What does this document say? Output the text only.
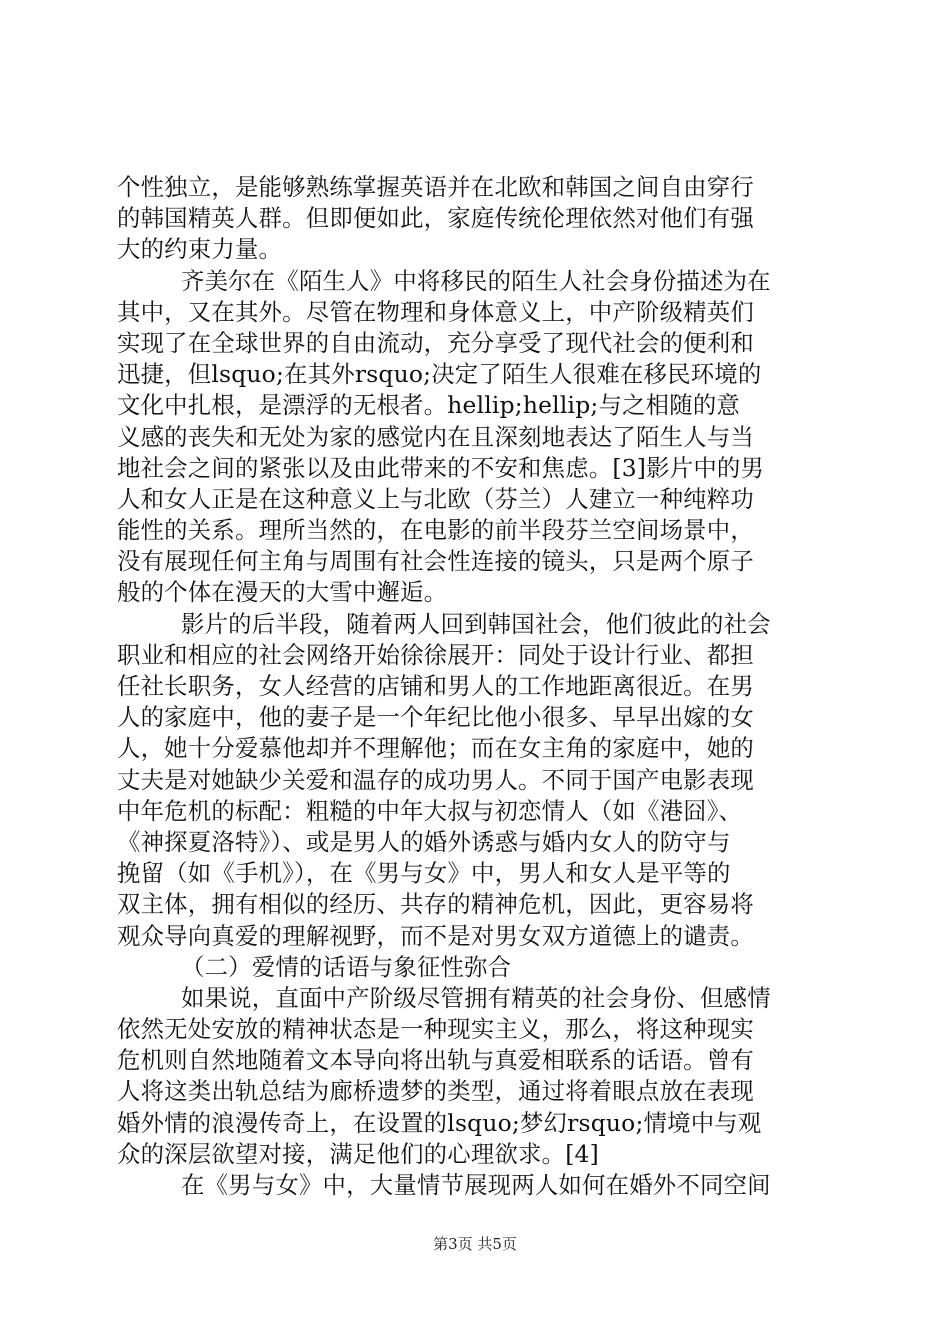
个性独立，是能够熟练掌握英语并在北欧和韩国之间自由穿行
的韩国精英人群。但即便如此，家庭传统伦理依然对他们有强
大的约束力量。
齐美尔在《陌生人》中将移民的陌生人社会身份描述为在
其中，又在其外。尽管在物理和身体意义上，中产阶级精英们
实现了在全球世界的自由流动，充分享受了现代社会的便利和
迅捷，但lsquo;在其外rsquo;决定了陌生人很难在移民环境的
文化中扎根，是漂浮的无根者。hellip;hellip;与之相随的意
义感的丧失和无处为家的感觉内在且深刻地表达了陌生人与当
地社会之间的紧张以及由此带来的不安和焦虑。[3]影片中的男
人和女人正是在这种意义上与北欧（芬兰）人建立一种纯粹功
能性的关系。理所当然的，在电影的前半段芬兰空间场景中，
没有展现任何主角与周围有社会性连接的镜头，只是两个原子
般的个体在漫天的大雪中邂逅。
影片的后半段，随着两人回到韩国社会，他们彼此的社会
职业和相应的社会网络开始徐徐展开：同处于设计行业、都担
任社长职务，女人经营的店铺和男人的工作地距离很近。在男
人的家庭中，他的妻子是一个年纪比他小很多、早早出嫁的女
人，她十分爱慕他却并不理解他；而在女主角的家庭中，她的
丈夫是对她缺少关爱和温存的成功男人。不同于国产电影表现
中年危机的标配：粗糙的中年大叔与初恋情人（如《港囧》、
《神探夏洛特》）、或是男人的婚外诱惑与婚内女人的防守与
挽留（如《手机》），在《男与女》中，男人和女人是平等的
双主体，拥有相似的经历、共存的精神危机，因此，更容易将
观众导向真爱的理解视野，而不是对男女双方道德上的谴责。
（二）爱情的话语与象征性弥合
如果说，直面中产阶级尽管拥有精英的社会身份、但感情
依然无处安放的精神状态是一种现实主义，那么，将这种现实
危机则自然地随着文本导向将出轨与真爱相联系的话语。曾有
人将这类出轨总结为廊桥遗梦的类型，通过将着眼点放在表现
婚外情的浪漫传奇上，在设置的lsquo;梦幻rsquo;情境中与观
众的深层欲望对接，满足他们的心理欲求。[4]
在《男与女》中，大量情节展现两人如何在婚外不同空间
第3页 共5页
